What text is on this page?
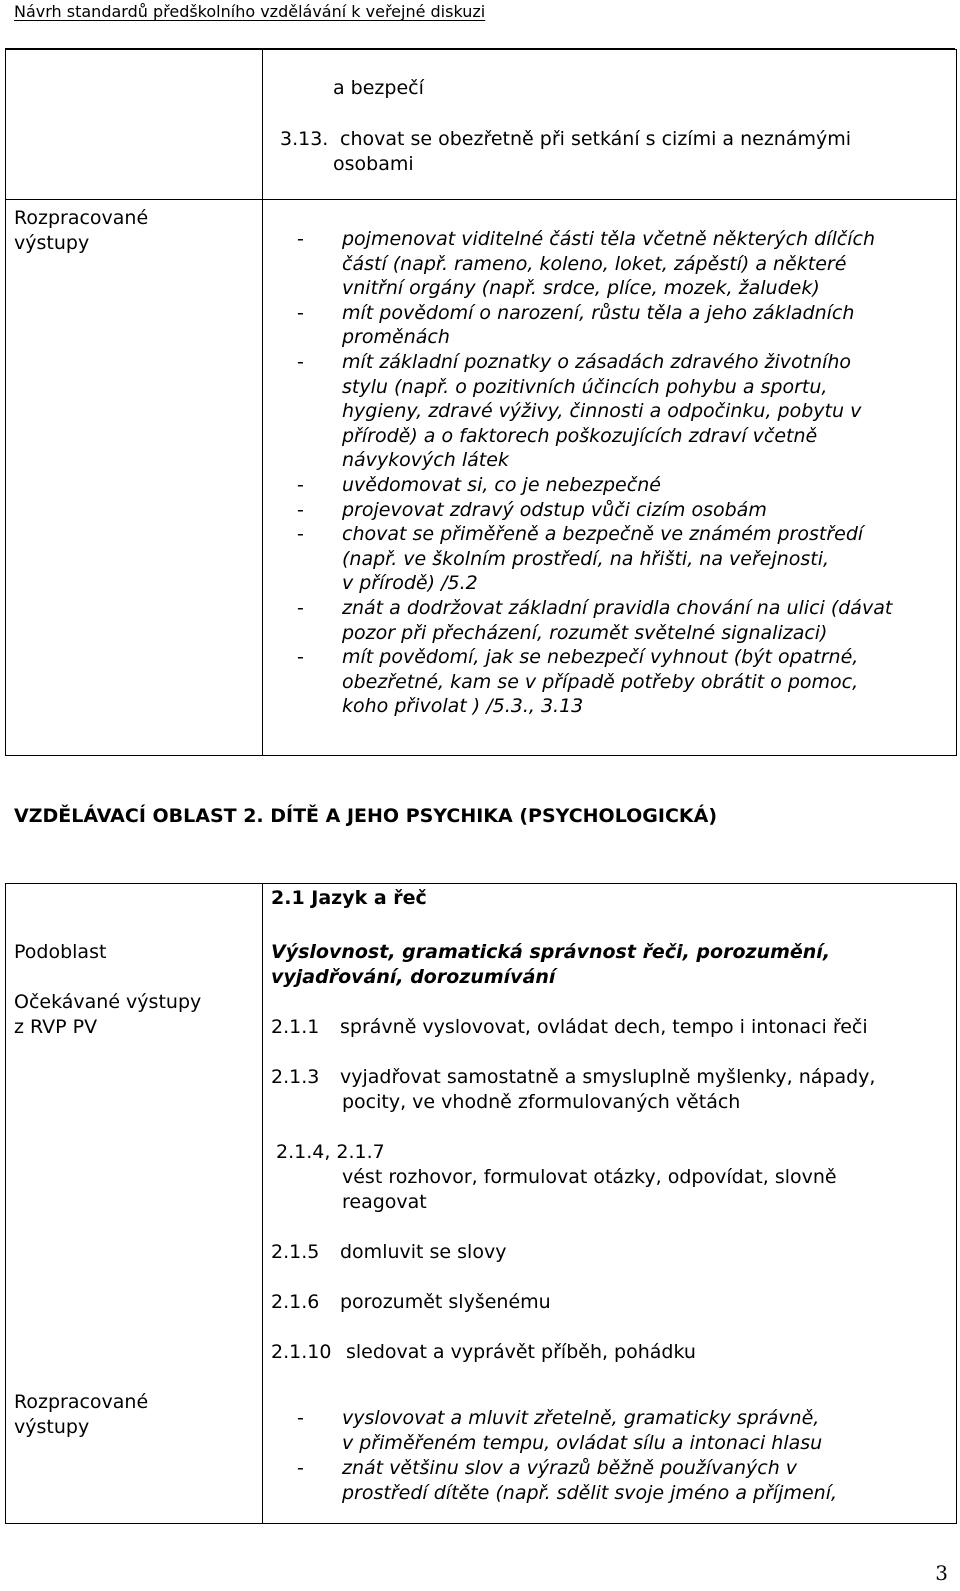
Návrh standardů předškolního vzdělávání k veřejné diskuzi
a bezpečí
3.13. chovat se obezřetně při setkání s cizími a neznámými
osobami
Rozpracované
výstupy	- pojmenovat viditelné části těla včetně některých dílčích
částí (např. rameno, koleno, loket, zápěstí) a některé
vnitřní orgány (např. srdce, plíce, mozek, žaludek)
- mít povědomí o narození, růstu těla a jeho základních
proměnách
- mít základní poznatky o zásadách zdravého životního
stylu (např. o pozitivních účincích pohybu a sportu,
hygieny, zdravé výživy, činnosti a odpočinku, pobytu v
přírodě) a o faktorech poškozujících zdraví včetně
návykových látek
- uvědomovat si, co je nebezpečné
- projevovat zdravý odstup vůči cizím osobám
- chovat se přiměřeně a bezpečně ve známém prostředí
(např. ve školním prostředí, na hřišti, na veřejnosti,
v přírodě) /5.2
- znát a dodržovat základní pravidla chování na ulici (dávat
pozor při přecházení, rozumět světelné signalizaci)
- mít povědomí, jak se nebezpečí vyhnout (být opatrné,
obezřetné, kam se v případě potřeby obrátit o pomoc,
koho přivolat ) /5.3., 3.13
VZDĚLÁVACÍ OBLAST 2. DÍTĚ A JEHO PSYCHIKA (PSYCHOLOGICKÁ)
2.1 Jazyk a řeč
Podoblast
Očekávané výstupy
z RVP PV
Výslovnost, gramatická správnost řeči, porozumění,
vyjadřování, dorozumívání
2.1.1 správně vyslovovat, ovládat dech, tempo i intonaci řeči
2.1.3 vyjadřovat samostatně a smysluplně myšlenky, nápady,
pocity, ve vhodně zformulovaných větách
2.1.4, 2.1.7
vést rozhovor, formulovat otázky, odpovídat, slovně
reagovat
2.1.5 domluvit se slovy
2.1.6 porozumět slyšenému
2.1.10 sledovat a vyprávět příběh, pohádku
Rozpracované
výstupy	- vyslovovat a mluvit zřetelně, gramaticky správně,
v přiměřeném tempu, ovládat sílu a intonaci hlasu
- znát většinu slov a výrazů běžně používaných v
prostředí dítěte (např. sdělit svoje jméno a příjmení,
3
